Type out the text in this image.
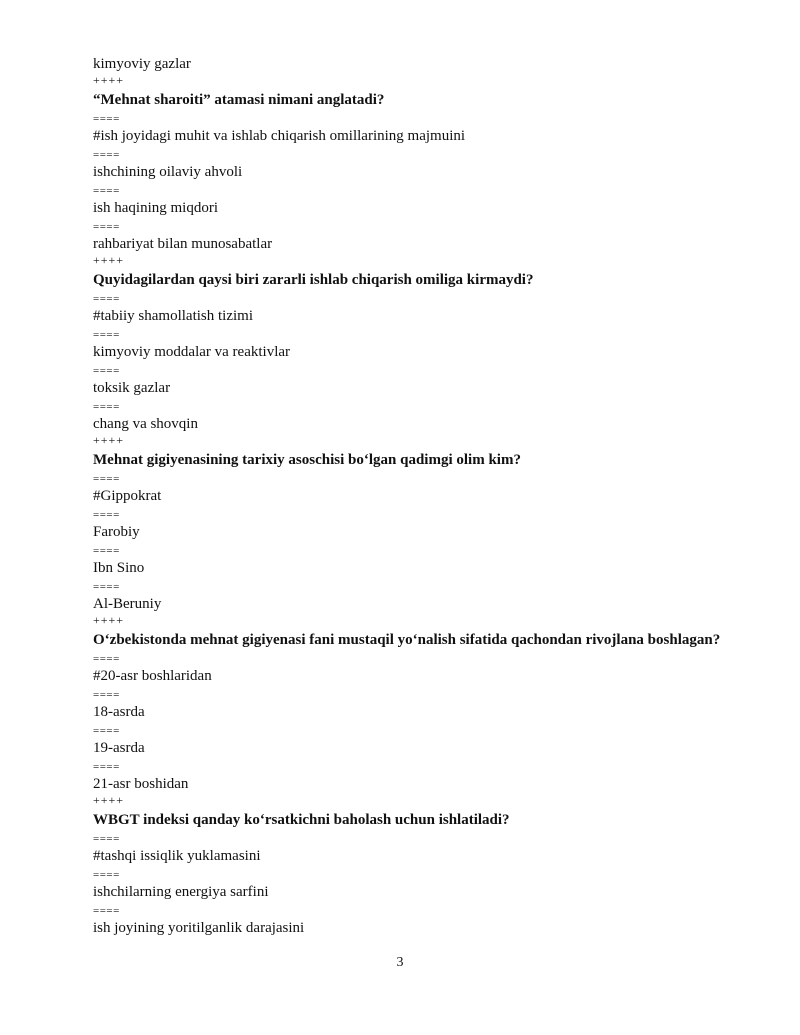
kimyoviy gazlar
++++
“Mehnat sharoiti” atamasi nimani anglatadi?
====
#ish joyidagi muhit va ishlab chiqarish omillarining majmuini
====
ishchining oilaviy ahvoli
====
ish haqining miqdori
====
rahbariyat bilan munosabatlar
++++
Quyidagilardan qaysi biri zararli ishlab chiqarish omiliga kirmaydi?
====
#tabiiy shamollatish tizimi
====
kimyoviy moddalar va reaktivlar
====
toksik gazlar
====
chang va shovqin
++++
Mehnat gigiyenasining tarixiy asoschisi bo‘lgan qadimgi olim kim?
====
#Gippokrat
====
Farobiy
====
Ibn Sino
====
Al-Beruniy
++++
O‘zbekistonda mehnat gigiyenasi fani mustaqil yo‘nalish sifatida qachondan rivojlana boshlagan?
====
#20-asr boshlaridan
====
18-asrda
====
19-asrda
====
21-asr boshidan
++++
WBGT indeksi qanday ko‘rsatkichni baholash uchun ishlatiladi?
====
#tashqi issiqlik yuklamasini
====
ishchilarning energiya sarfini
====
ish joyining yoritilganlik darajasini
3
